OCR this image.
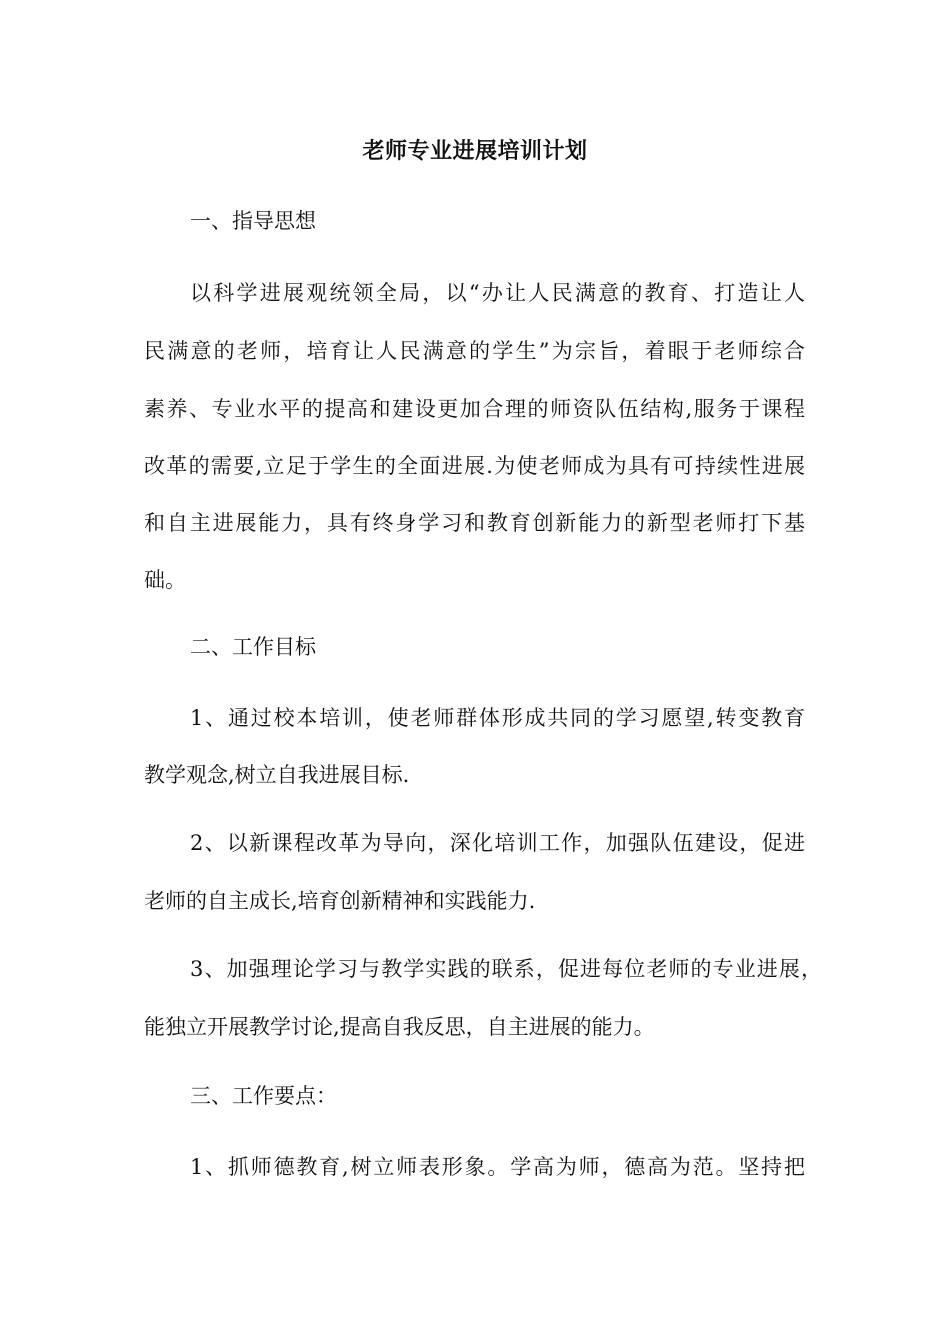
老师专业进展培训计划
一、指导思想
以科学进展观统领全局，以“办让人民满意的教育、打造让人
民满意的老师，培育让人民满意的学生”为宗旨，着眼于老师综合
素养、专业水平的提高和建设更加合理的师资队伍结构,服务于课程
改革的需要,立足于学生的全面进展.为使老师成为具有可持续性进展
和自主进展能力，具有终身学习和教育创新能力的新型老师打下基
础。
二、工作目标
1、通过校本培训，使老师群体形成共同的学习愿望,转变教育
教学观念,树立自我进展目标.
2、以新课程改革为导向，深化培训工作，加强队伍建设，促进
老师的自主成长,培育创新精神和实践能力.
3、加强理论学习与教学实践的联系，促进每位老师的专业进展，
能独立开展教学讨论,提高自我反思，自主进展的能力。
三、工作要点：
1、抓师德教育,树立师表形象。学高为师，德高为范。坚持把
